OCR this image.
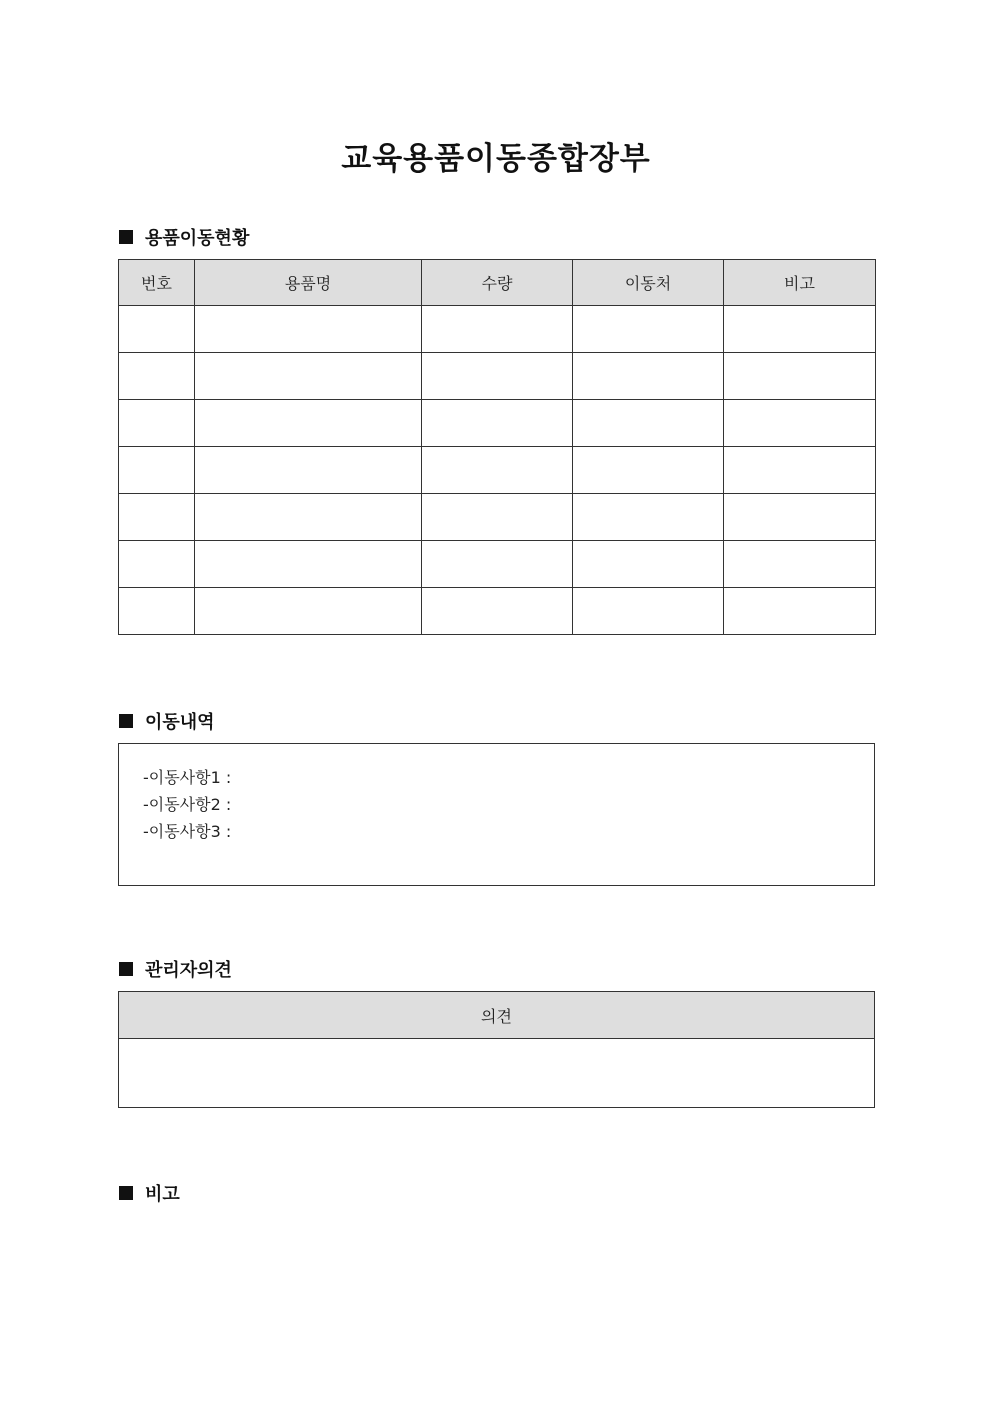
교육용품이동종합장부
용품이동현황
번호	용품명	수량	이동처	비고

이동내역
-이동사항1 :
-이동사항2 :
-이동사항3 :
관리자의견
의견

비고
